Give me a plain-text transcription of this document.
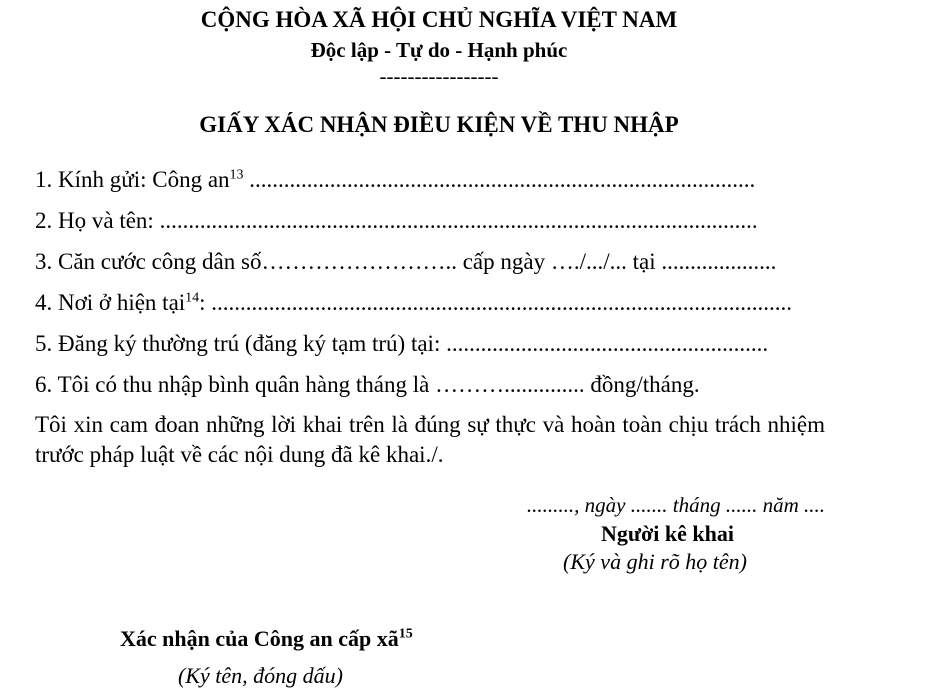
CỘNG HÒA XÃ HỘI CHỦ NGHĨA VIỆT NAM
Độc lập - Tự do - Hạnh phúc
-----------------
GIẤY XÁC NHẬN ĐIỀU KIỆN VỀ THU NHẬP
1. Kính gửi: Công $an^{13}$ ........................................................................................
2. Họ và tên: ........................................................................................................
3. Căn cước công dân số…………………….. cấp ngày …./.../... tại ....................
4. Nơi ở hiện tại$^{14}$: .....................................................................................................
5. Đăng ký thường trú (đăng ký tạm trú) tại: ........................................................
6. Tôi có thu nhập bình quân hàng tháng là ……….............. đồng/tháng.
Tôi xin cam đoan những lời khai trên là đúng sự thực và hoàn toàn chịu trách nhiệm trước pháp luật về các nội dung đã kê khai./.
........., ngày ....... tháng ...... năm ....
Người kê khai
(Ký và ghi rõ họ tên)
Xác nhận của Công an cấp $xã^{15}$
(Ký tên, đóng dấu)
